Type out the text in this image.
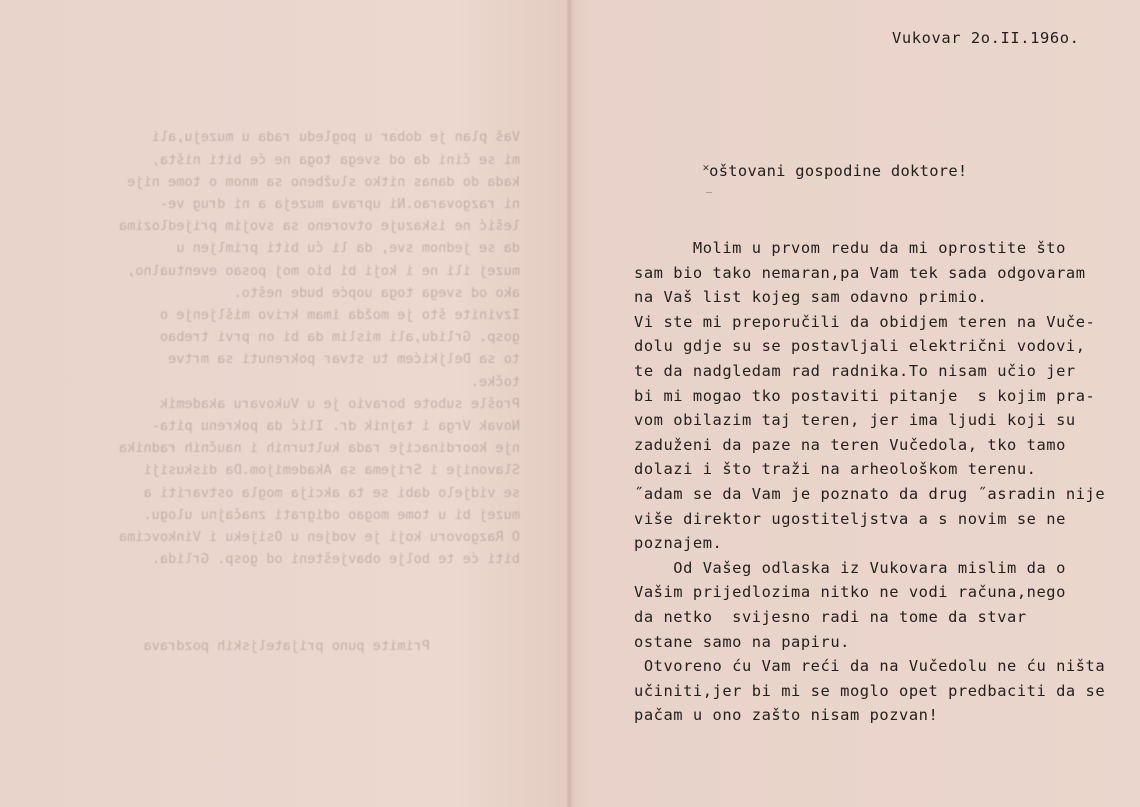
Vaš plan je dobar u pogledu rada u muzeju,ali
mi se čini da od svega toga ne će biti ništa,
kada do danas nitko službeno sa mnom o tome nije
ni razgovarao.Ni uprava muzeja a ni drug ve-
lešić ne iskazuje otvoreno sa svojim prijedlozima
da se jednom sve, da li ću biti primljen u
muzej ili ne i koji bi bio moj posao eventualno,
ako od svega toga uopće bude nešto.
Izvinite što je možda imam krivo mišljenje o
gosp. Grlidu,ali mislim da bi on prvi trebao
to sa Deljkićem tu stvar pokrenuti sa mrtve
točke.
Prošle subote boravio je u Vukovaru akademik
Novak Vrga i tajnik dr. Ilić da pokrenu pita-
nje koordinacije rada kulturnih i naučnih radnika
Slavonije i Srijema sa Akademijom.Da diskusiji
se vidjelo dabi se ta akcija mogla ostvariti a
muzej bi u tome mogao odigrati značajnu ulogu.
O Razgovoru koji je vodjen u Osijeku i Vinkovcima
biti će te bolje obavješteni od gosp. Grlida.

Primite puno prijateljskih pozdrava

Vukovar 2o.II.196o.
˟oštovani gospodine doktore!
Molim u prvom redu da mi oprostite što
sam bio tako nemaran,pa Vam tek sada odgovaram
na Vaš list kojeg sam odavno primio.
Vi ste mi preporučili da obidjem teren na Vuče-
dolu gdje su se postavljali električni vodovi,
te da nadgledam rad radnika.To nisam učio jer
bi mi mogao tko postaviti pitanje  s kojim pra-
vom obilazim taj teren, jer ima ljudi koji su
zaduženi da paze na teren Vučedola, tko tamo
dolazi i što traži na arheološkom terenu.
˝adam se da Vam je poznato da drug ˝asradin nije
više direktor ugostiteljstva a s novim se ne
poznajem.
Od Vašeg odlaska iz Vukovara mislim da o
Vašim prijedlozima nitko ne vodi računa,nego
da netko  svijesno radi na tome da stvar
ostane samo na papiru.
Otvoreno ću Vam reći da na Vučedolu ne ću ništa
učiniti,jer bi mi se moglo opet predbaciti da se
pačam u ono zašto nisam pozvan!
